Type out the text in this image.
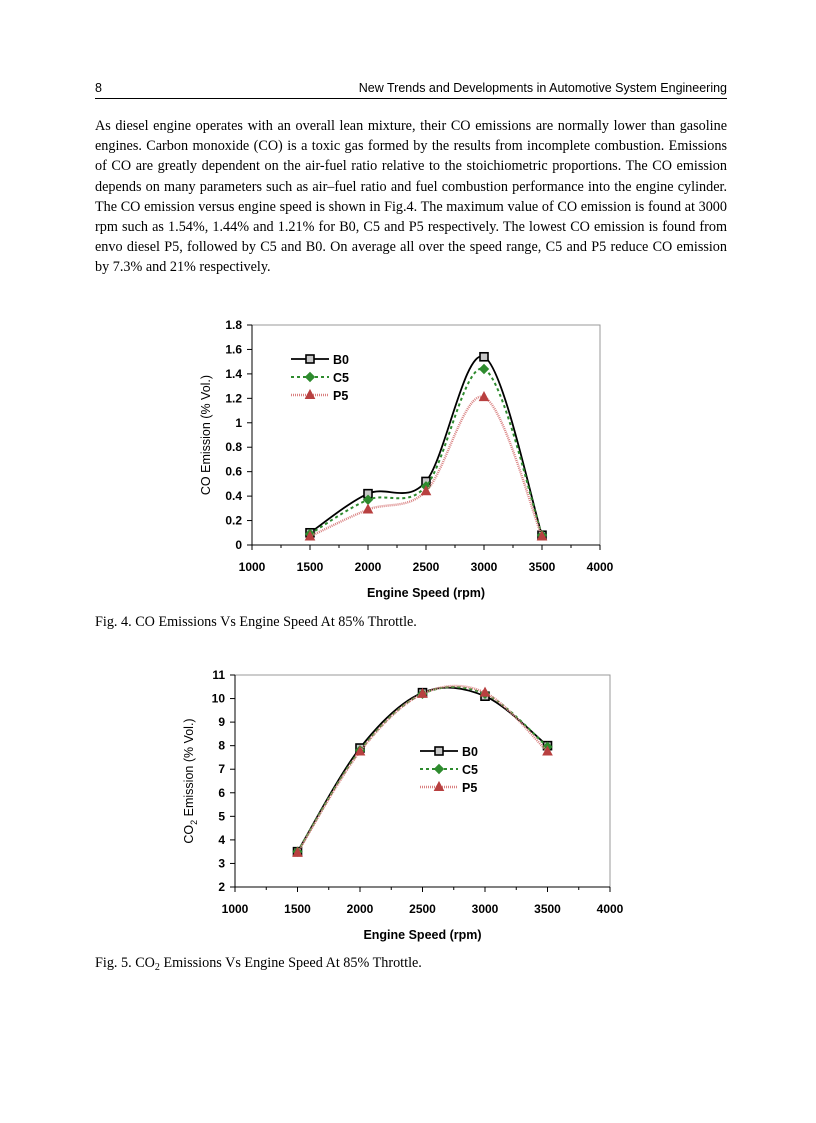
8	New Trends and Developments in Automotive System Engineering

As diesel engine operates with an overall lean mixture, their CO emissions are normally lower than gasoline engines. Carbon monoxide (CO) is a toxic gas formed by the results from incomplete combustion. Emissions of CO are greatly dependent on the air-fuel ratio relative to the stoichiometric proportions. The CO emission depends on many parameters such as air–fuel ratio and fuel combustion performance into the engine cylinder. The CO emission versus engine speed is shown in Fig.4. The maximum value of CO emission is found at 3000 rpm such as 1.54%, 1.44% and 1.21% for B0, C5 and P5 respectively. The lowest CO emission is found from envo diesel P5, followed by C5 and B0. On average all over the speed range, C5 and P5 reduce CO emission by 7.3% and 21% respectively.

1000	1500	2000	2500	3000	3500	4000
0
0.2
0.4
0.6
0.8
1
1.2
1.4
1.6
1.8
Engine Speed (rpm)
CO Emission (% Vol.)
B0
C5
P5

Fig. 4. CO Emissions Vs Engine Speed At 85% Throttle.

1000	1500	2000	2500	3000	3500	4000
2
3
4
5
6
7
8
9
10
11
Engine Speed (rpm)
$CO_2$ Emission (% Vol.)	B0
C5
P5

Fig. 5. $CO_2$ Emissions Vs Engine Speed At 85% Throttle.
